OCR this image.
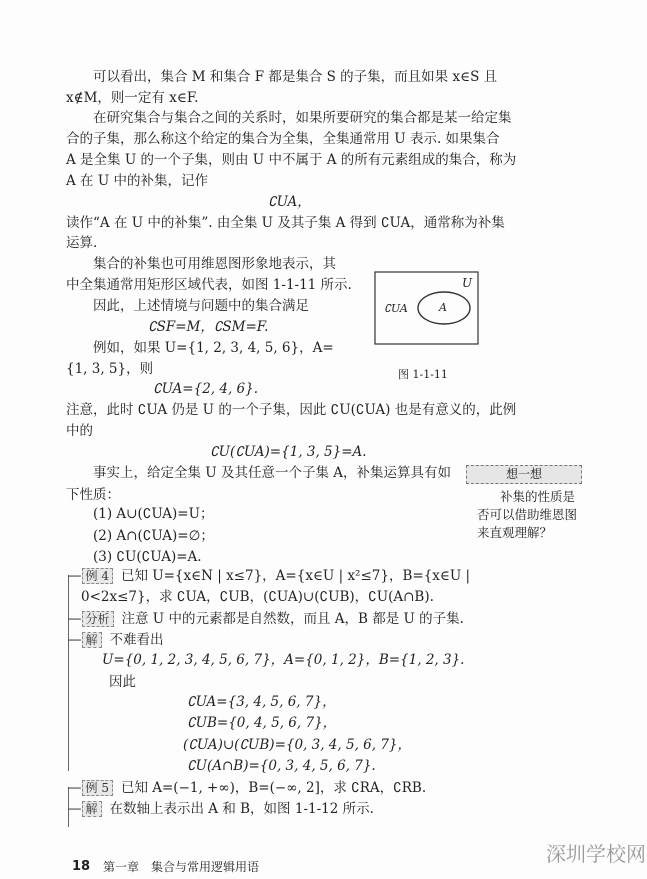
可以看出，集合 M 和集合 F 都是集合 S 的子集，而且如果 x∈S 且
x∉M，则一定有 x∈F.
在研究集合与集合之间的关系时，如果所要研究的集合都是某一给定集
合的子集，那么称这个给定的集合为全集，全集通常用 U 表示. 如果集合
A 是全集 U 的一个子集，则由 U 中不属于 A 的所有元素组成的集合，称为
A 在 U 中的补集，记作
∁UA，
读作“A 在 U 中的补集”. 由全集 U 及其子集 A 得到 ∁UA，通常称为补集
运算.
集合的补集也可用维恩图形象地表示，其
中全集通常用矩形区域代表，如图 1-1-11 所示.
因此，上述情境与问题中的集合满足
∁SF=M，∁SM=F.
例如，如果 U={1, 2, 3, 4, 5, 6}，A=
{1, 3, 5}，则
∁UA={2, 4, 6}.
注意，此时 ∁UA 仍是 U 的一个子集，因此 ∁U(∁UA) 也是有意义的，此例
中的
∁U(∁UA)={1, 3, 5}=A.
事实上，给定全集 U 及其任意一个子集 A，补集运算具有如
下性质：
(1) A∪(∁UA)=U；
(2) A∩(∁UA)=∅；
(3) ∁U(∁UA)=A.
U
A
∁UA
图 1-1-11
想一想
补集的性质是
否可以借助维恩图
来直观理解？
— 例 4 已知 U={x∈N | x≤7}，A={x∈U | x²≤7}，B={x∈U |
0<2x≤7}，求 ∁UA，∁UB，(∁UA)∪(∁UB)，∁U(A∩B).
— 分析 注意 U 中的元素都是自然数，而且 A，B 都是 U 的子集.
— 解 不难看出
U={0, 1, 2, 3, 4, 5, 6, 7}，A={0, 1, 2}，B={1, 2, 3}.
因此
∁UA={3, 4, 5, 6, 7}，
∁UB={0, 4, 5, 6, 7}，
(∁UA)∪(∁UB)={0, 3, 4, 5, 6, 7}，
∁U(A∩B)={0, 3, 4, 5, 6, 7}.
— 例 5 已知 A=(−1, +∞)，B=(−∞, 2]，求 ∁RA，∁RB.
— 解 在数轴上表示出 A 和 B，如图 1-1-12 所示.
18 第一章　集合与常用逻辑用语
深圳学校网
